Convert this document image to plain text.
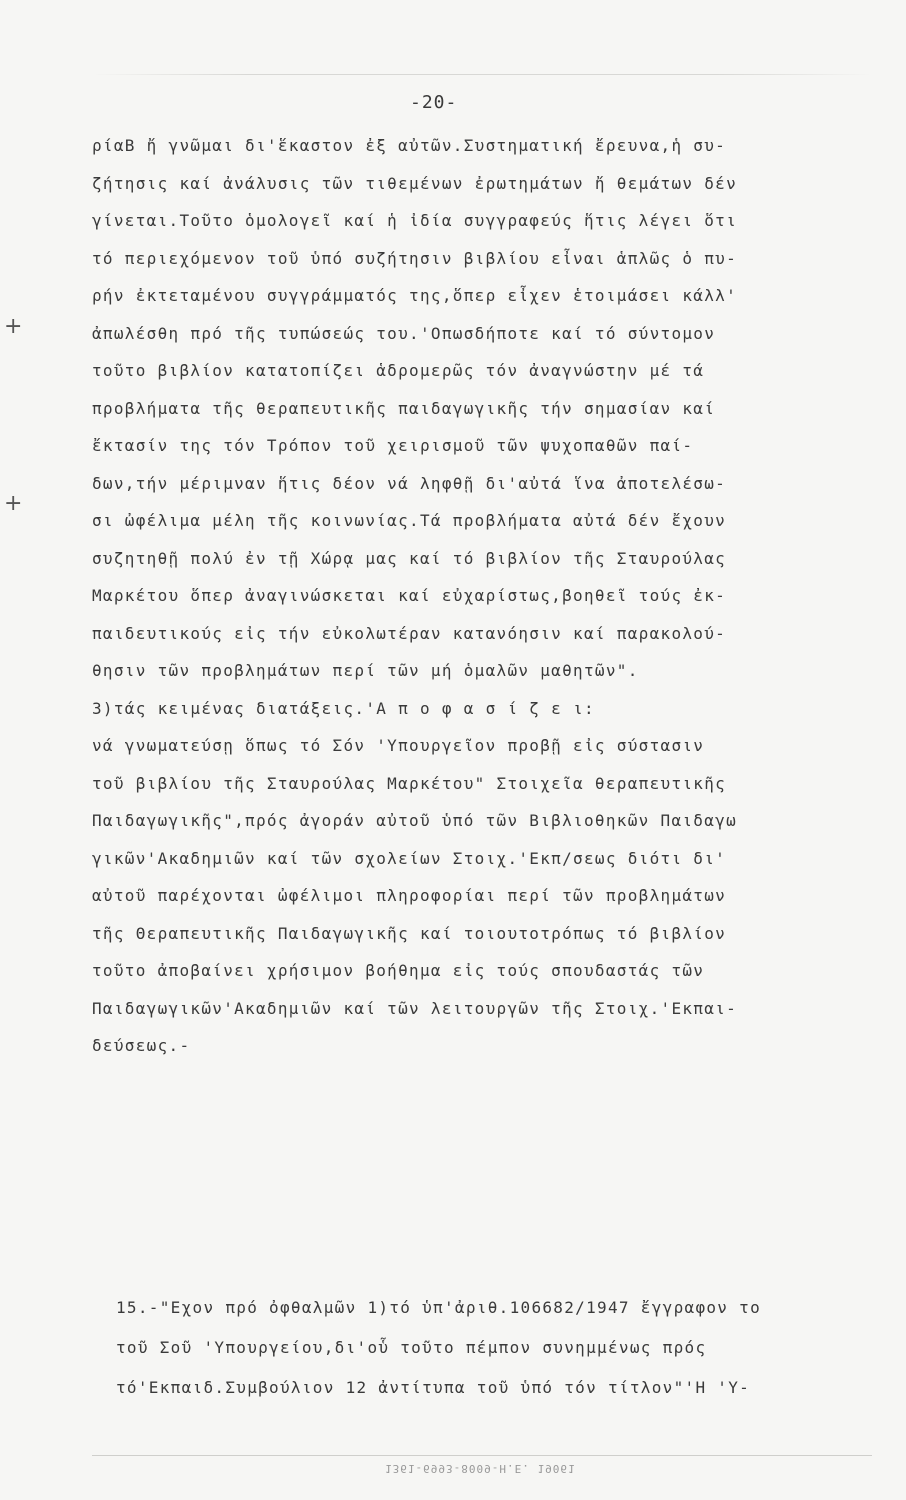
+
+
-20-
ρίαΒ ἤ γνῶμαι δι'ἕκαστον ἐξ αὐτῶν.Συστηματική ἔρευνα,ἡ συ-
ζήτησις καί ἀνάλυσις τῶν τιθεμένων ἐρωτημάτων ἤ θεμάτων δέν
γίνεται.Τοῦτο ὁμολογεῖ καί ἡ ἰδία συγγραφεύς ἥτις λέγει ὅτι
τό περιεχόμενον τοῦ ὑπό συζήτησιν βιβλίου εἶναι ἁπλῶς ὁ πυ-
ρήν ἐκτεταμένου συγγράμματός της,ὅπερ εἶχεν ἑτοιμάσει κάλλ'
ἀπωλέσθη πρό τῆς τυπώσεώς του.'Οπωσδήποτε καί τό σύντομον
τοῦτο βιβλίον κατατοπίζει ἁδρομερῶς τόν ἀναγνώστην μέ τά
προβλήματα τῆς θεραπευτικῆς παιδαγωγικῆς τήν σημασίαν καί
ἔκτασίν της τόν Τρόπον τοῦ χειρισμοῦ τῶν ψυχοπαθῶν παί-
δων,τήν μέριμναν ἥτις δέον νά ληφθῇ δι'αὐτά ἵνα ἀποτελέσω-
σι ὠφέλιμα μέλη τῆς κοινωνίας.Τά προβλήματα αὐτά δέν ἔχουν
συζητηθῇ πολύ ἐν τῇ Χώρᾳ μας καί τό βιβλίον τῆς Σταυρούλας
Μαρκέτου ὅπερ ἀναγινώσκεται καί εὐχαρίστως,βοηθεῖ τούς ἐκ-
παιδευτικούς εἰς τήν εὐκολωτέραν κατανόησιν καί παρακολού-
θησιν τῶν προβλημάτων περί τῶν μή ὁμαλῶν μαθητῶν".
3)τάς κειμένας διατάξεις.'Α π ο φ α σ ί ζ ε ι:
νά γνωματεύσῃ ὅπως τό Σόν 'Υπουργεῖον προβῇ εἰς σύστασιν
τοῦ βιβλίου τῆς Σταυρούλας Μαρκέτου" Στοιχεῖα θεραπευτικῆς
Παιδαγωγικῆς",πρός ἀγοράν αὐτοῦ ὑπό τῶν Βιβλιοθηκῶν Παιδαγω
γικῶν'Ακαδημιῶν καί τῶν σχολείων Στοιχ.'Εκπ/σεως διότι δι'
αὐτοῦ παρέχονται ὠφέλιμοι πληροφορίαι περί τῶν προβλημάτων
τῆς Θεραπευτικῆς Παιδαγωγικῆς καί τοιουτοτρόπως τό βιβλίον
τοῦτο ἀποβαίνει χρήσιμον βοήθημα εἰς τούς σπουδαστάς τῶν
Παιδαγωγικῶν'Ακαδημιῶν καί τῶν λειτουργῶν τῆς Στοιχ.'Εκπαι-
δεύσεως.-
15.-"Εχον πρό ὀφθαλμῶν 1)τό ὑπ'ἀριθ.106682/1947 ἔγγραφον το
τοῦ Σοῦ 'Υπουργείου,δι'οὗ τοῦτο πέμπον συνημμένως πρός
τό'Εκπαιδ.Συμβούλιον 12 ἀντίτυπα τοῦ ὑπό τόν τίτλον"'Η 'Υ-
1361-6993-8009-Η.Ε. 19061
